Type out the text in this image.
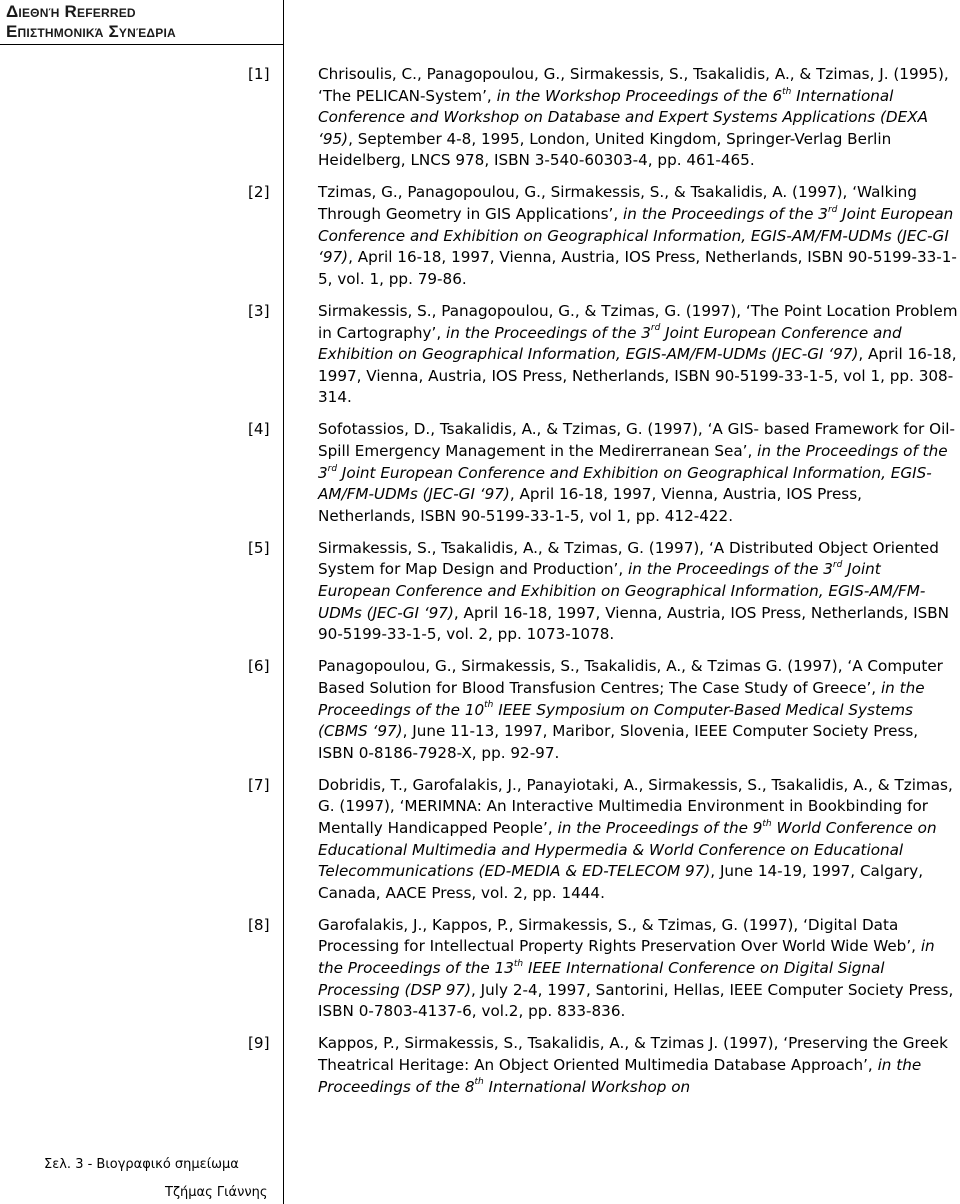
Διεθνή Referred
Επιστημονικά Συνέδρια
Σελ. 3 - Βιογραφικό σημείωμα
Τζήμας Γιάννης
[1]	Chrisoulis, C., Panagopoulou, G., Sirmakessis, S., Tsakalidis, A., & Tzimas, J. (1995), ‘The PELICAN-System’, in the Workshop Proceedings of the 6th International Conference and Workshop on Database and Expert Systems Applications (DEXA ‘95), September 4-8, 1995, London, United Kingdom, Springer-Verlag Berlin Heidelberg, LNCS 978, ISBN 3-540-60303-4, pp. 461-465.
[2]	Tzimas, G., Panagopoulou, G., Sirmakessis, S., & Tsakalidis, A. (1997), ‘Walking Through Geometry in GIS Applications’, in the Proceedings of the 3rd Joint European Conference and Exhibition on Geographical Information, EGIS-AM/FM-UDMs (JEC-GI ‘97), April 16-18, 1997, Vienna, Austria, IOS Press, Netherlands, ISBN 90-5199-33-1-5, vol. 1, pp. 79-86.
[3]	Sirmakessis, S., Panagopoulou, G., & Tzimas, G. (1997), ‘The Point Location Problem in Cartography’, in the Proceedings of the 3rd Joint European Conference and Exhibition on Geographical Information, EGIS-AM/FM-UDMs (JEC-GI ‘97), April 16-18, 1997, Vienna, Austria, IOS Press, Netherlands, ISBN 90-5199-33-1-5, vol 1, pp. 308-314.
[4]	Sofotassios, D., Tsakalidis, A., & Tzimas, G. (1997), ‘A GIS- based Framework for Oil-Spill Emergency Management in the Medirerranean Sea’, in the Proceedings of the 3rd Joint European Conference and Exhibition on Geographical Information, EGIS-AM/FM-UDMs (JEC-GI ‘97), April 16-18, 1997, Vienna, Austria, IOS Press, Netherlands, ISBN 90-5199-33-1-5, vol 1, pp. 412-422.
[5]	Sirmakessis, S., Tsakalidis, A., & Tzimas, G. (1997), ‘A Distributed Object Oriented System for Map Design and Production’, in the Proceedings of the 3rd Joint European Conference and Exhibition on Geographical Information, EGIS-AM/FM-UDMs (JEC-GI ‘97), April 16-18, 1997, Vienna, Austria, IOS Press, Netherlands, ISBN 90-5199-33-1-5, vol. 2, pp. 1073-1078.
[6]	Panagopoulou, G., Sirmakessis, S., Tsakalidis, A., & Tzimas G. (1997), ‘A Computer Based Solution for Blood Transfusion Centres; The Case Study of Greece’, in the Proceedings of the 10th IEEE Symposium on Computer-Based Medical Systems (CBMS ‘97), June 11-13, 1997, Maribor, Slovenia, IEEE Computer Society Press, ISBN 0-8186-7928-X, pp. 92-97.
[7]	Dobridis, T., Garofalakis, J., Panayiotaki, A., Sirmakessis, S., Tsakalidis, A., & Tzimas, G. (1997), ‘MERIMNA: An Interactive Multimedia Environment in Bookbinding for Mentally Handicapped People’, in the Proceedings of the 9th World Conference on Educational Multimedia and Hypermedia & World Conference on Educational Telecommunications (ED-MEDIA & ED-TELECOM 97), June 14-19, 1997, Calgary, Canada, AACE Press, vol. 2, pp. 1444.
[8]	Garofalakis, J., Kappos, P., Sirmakessis, S., & Tzimas, G. (1997), ‘Digital Data Processing for Intellectual Property Rights Preservation Over World Wide Web’, in the Proceedings of the 13th IEEE International Conference on Digital Signal Processing (DSP 97), July 2-4, 1997, Santorini, Hellas, IEEE Computer Society Press, ISBN 0-7803-4137-6, vol.2, pp. 833-836.
[9]	Kappos, P., Sirmakessis, S., Tsakalidis, A., & Tzimas J. (1997), ‘Preserving the Greek Theatrical Heritage: An Object Oriented Multimedia Database Approach’, in the Proceedings of the 8th International Workshop on
